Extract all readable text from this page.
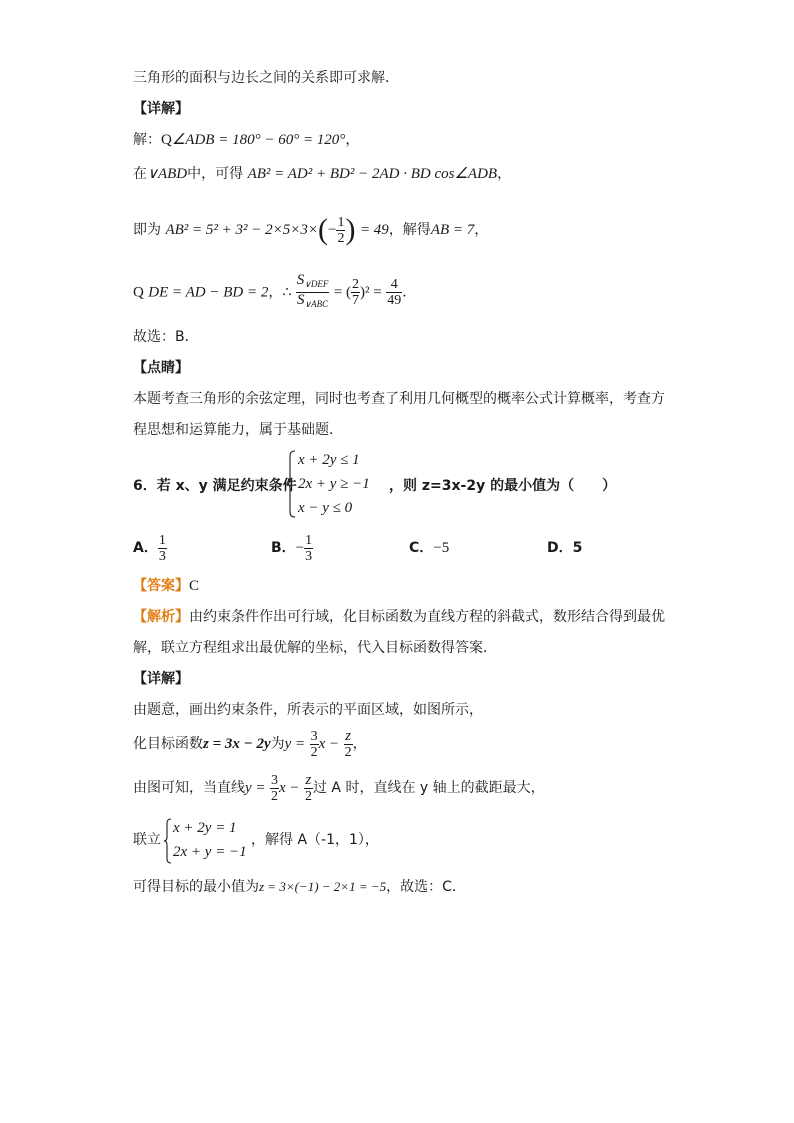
三角形的面积与边长之间的关系即可求解．
【详解】
解：Q∠ADB = 180° − 60° = 120°，
在∨ABD中，可得 AB² = AD² + BD² − 2AD · BD cos∠ADB，
即为 $AB^2 = 5^2 + 3^2 - 2\times 5\times 3\times(- \frac{1}{2}$ ) = 49，解得AB = 7，
Q DE = AD − BD = 2，∴ $\frac{S_{\vee DEF}}{S_{\vee ABC}}$ = ( $\frac{2}{7} )^2 = \frac{4}{49}$ ．
故选：B．
【点睛】
本题考查三角形的余弦定理，同时也考查了利用几何概型的概率公式计算概率，考查方
程思想和运算能力，属于基础题．
6．若 x、y 满足约束条件
x + 2y ≤ 1
2x + y ≥ −1
x − y ≤ 0
，则 z=3x-2y 的最小值为（　　）
A． $\frac{1}{3}$	B．− $\frac{1}{3}$	C．−5	D．5
【答案】C
【解析】由约束条件作出可行域，化目标函数为直线方程的斜截式，数形结合得到最优
解，联立方程组求出最优解的坐标，代入目标函数得答案．
【详解】
由题意，画出约束条件，所表示的平面区域，如图所示，
化目标函数z = 3x − 2y为$y = \frac{3}{2}$ $x - \frac{z}{2}$ ，
由图可知，当直线$y = \frac{3}{2}$ $x - \frac{z}{2}$ 过 A 时，直线在 y 轴上的截距最大，
联立
x + 2y = 1
2x + y = −1
，解得 A（-1，1），
可得目标的最小值为z = 3×(−1) − 2×1 = −5，故选：C．
